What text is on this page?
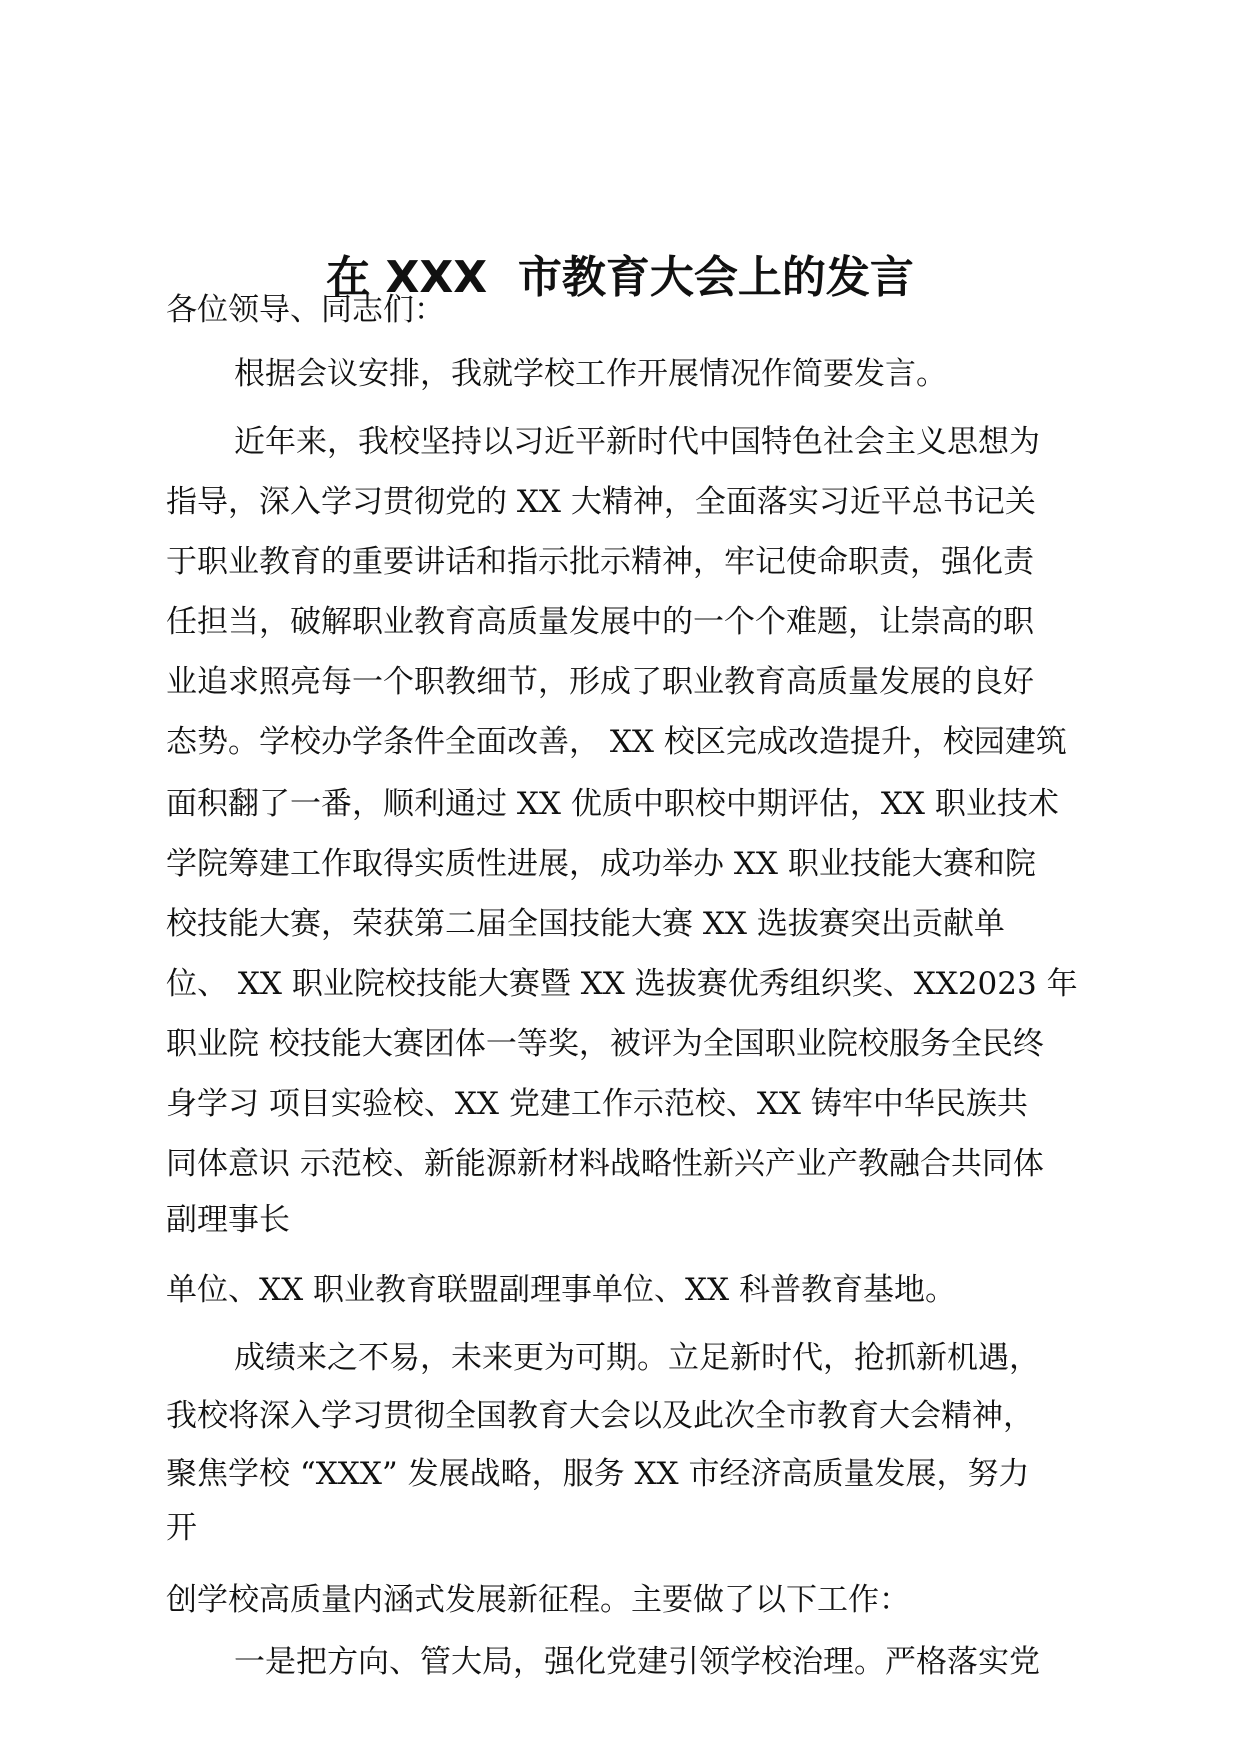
在 XXX  市教育大会上的发言

各位领导、同志们：

根据会议安排，我就学校工作开展情况作简要发言。

近年来，我校坚持以习近平新时代中国特色社会主义思想为

指导，深入学习贯彻党的 XX 大精神，全面落实习近平总书记关

于职业教育的重要讲话和指示批示精神，牢记使命职责，强化责

任担当，破解职业教育高质量发展中的一个个难题，让崇高的职

业追求照亮每一个职教细节，形成了职业教育高质量发展的良好

态势。学校办学条件全面改善， XX 校区完成改造提升，校园建筑

面积翻了一番，顺利通过 XX 优质中职校中期评估，XX 职业技术

学院筹建工作取得实质性进展，成功举办 XX 职业技能大赛和院

校技能大赛，荣获第二届全国技能大赛 XX 选拔赛突出贡献单

位、 XX 职业院校技能大赛暨 XX 选拔赛优秀组织奖、XX2023 年

职业院 校技能大赛团体一等奖，被评为全国职业院校服务全民终

身学习 项目实验校、XX 党建工作示范校、XX 铸牢中华民族共

同体意识 示范校、新能源新材料战略性新兴产业产教融合共同体

副理事长

单位、XX 职业教育联盟副理事单位、XX 科普教育基地。

成绩来之不易，未来更为可期。立足新时代，抢抓新机遇，

我校将深入学习贯彻全国教育大会以及此次全市教育大会精神，

聚焦学校 “XXX” 发展战略，服务 XX 市经济高质量发展，努力

开

创学校高质量内涵式发展新征程。主要做了以下工作：

一是把方向、管大局，强化党建引领学校治理。严格落实党
